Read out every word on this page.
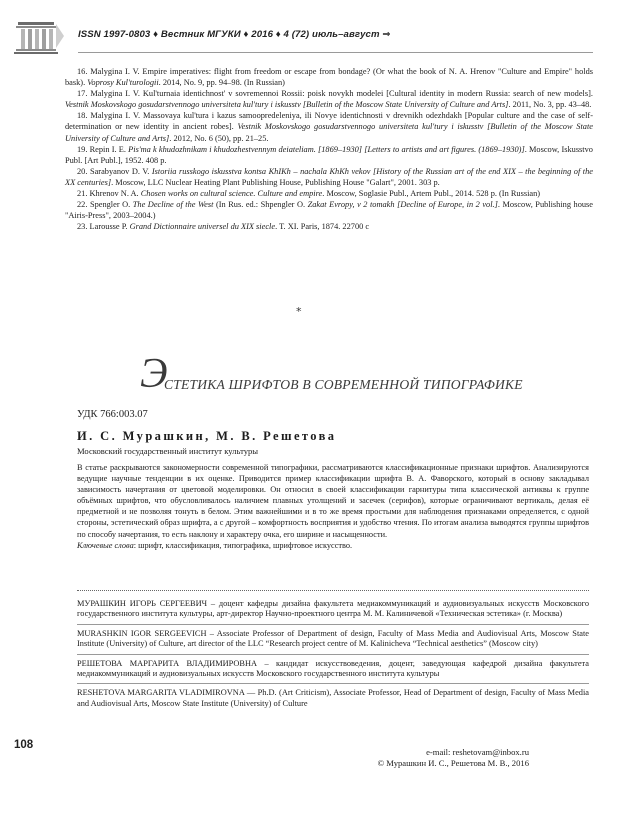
ISSN 1997-0803 ♦ Вестник МГУКИ ♦ 2016 ♦ 4 (72) июль–август ⇒

16. Malygina I. V. Empire imperatives: flight from freedom or escape from bondage? (Or what the book of N. A. Hrenov "Culture and Empire" holds bask). Voprosy Kul'turologii. 2014, No. 9, pp. 94–98. (In Russian)

17. Malygina I. V. Kul'turnaia identichnost' v sovremennoi Rossii: poisk novykh modelei [Cultural identity in modern Russia: search of new models]. Vestnik Moskovskogo gosudarstvennogo universiteta kul'tury i iskusstv [Bulletin of the Moscow State University of Culture and Arts]. 2011, No. 3, pp. 43–48.

18. Malygina I. V. Massovaya kul'tura i kazus samoopredeleniya, ili Novye identichnosti v drevnikh odezhdakh [Popular culture and the case of self-determination or new identity in ancient robes]. Vestnik Moskovskogo gosudarstvennogo universiteta kul'tury i iskusstv [Bulletin of the Moscow State University of Culture and Arts]. 2012, No. 6 (50), pp. 21–25.

19. Repin I. E. Pis'ma k khudozhnikam i khudozhestvennym deiateliam. [1869–1930] [Letters to artists and art figures. (1869–1930)]. Moscow, Iskusstvo Publ. [Art Publ.], 1952. 408 p.

20. Sarabyanov D. V. Istoriia russkogo iskusstva kontsa KhIKh – nachala KhKh vekov [History of the Russian art of the end XIX – the beginning of the XX centuries]. Moscow, LLC Nuclear Heating Plant Publishing House, Publishing House "Galart", 2001. 303 p.

21. Khrenov N. A. Chosen works on cultural science. Culture and empire. Moscow, Soglasie Publ., Artem Publ., 2014. 528 p. (In Russian)

22. Spengler O. The Decline of the West (In Rus. ed.: Shpengler O. Zakat Evropy, v 2 tomakh [Decline of Europe, in 2 vol.]. Moscow, Publishing house "Airis-Press", 2003–2004.)

23. Larousse P. Grand Dictionnaire universel du XIX siecle. T. XI. Paris, 1874. 22700 c

*
Э
СТЕТИКА ШРИФТОВ В СОВРЕМЕННОЙ ТИПОГРАФИКЕ
УДК 766:003.07
И. С. Мурашкин, М. В. Решетова
Московский государственный институт культуры

В статье раскрываются закономерности современной типографики, рассматриваются классификационные признаки шрифтов. Анализируются ведущие научные тенденции в их оценке. Приводится пример классификации шрифта В. А. Фаворского, который в основу закладывал зависимость начертания от цветовой моделировки. Он относил в своей классификации гарнитуры типа классической антиквы к группе объёмных шрифтов, что обусловливалось наличием плавных утолщений и засечек (серифов), которые ограничивают вертикаль, делая её предметной и не позволяя тонуть в белом. Этим важнейшими и в то же время простыми для наблюдения признаками определяется, с одной стороны, эстетический образ шрифта, а с другой – комфортность восприятия и удобство чтения. По итогам анализа выводятся группы шрифтов по способу начертания, то есть наклону и характеру очка, его ширине и насыщенности.

Ключевые слова: шрифт, классификация, типографика, шрифтовое искусство.

МУРАШКИН ИГОРЬ СЕРГЕЕВИЧ – доцент кафедры дизайна факультета медиакоммуникаций и аудиовизуальных искусств Московского государственного института культуры, арт-директор Научно-проектного центра М. М. Калиничевой «Техническая эстетика» (г. Москва)
MURASHKIN IGOR SERGEEVICH – Associate Professor of Department of design, Faculty of Mass Media and Audiovisual Arts, Moscow State Institute (University) of Culture, art director of the LLC “Research project centre of M. Kalinicheva “Technical aesthetics” (Moscow city)
РЕШЕТОВА МАРГАРИТА ВЛАДИМИРОВНА – кандидат искусствоведения, доцент, заведующая кафедрой дизайна факультета медиакоммуникаций и аудиовизуальных искусств Московского государственного института культуры
RESHETOVA MARGARITA VLADIMIROVNA –– Ph.D. (Art Criticism), Associate Professor, Head of Department of design, Faculty of Mass Media and Audiovisual Arts, Moscow State Institute (University) of Culture
108
e-mail: reshetovam@inbox.ru
© Мурашкин И. С., Решетова М. В., 2016
